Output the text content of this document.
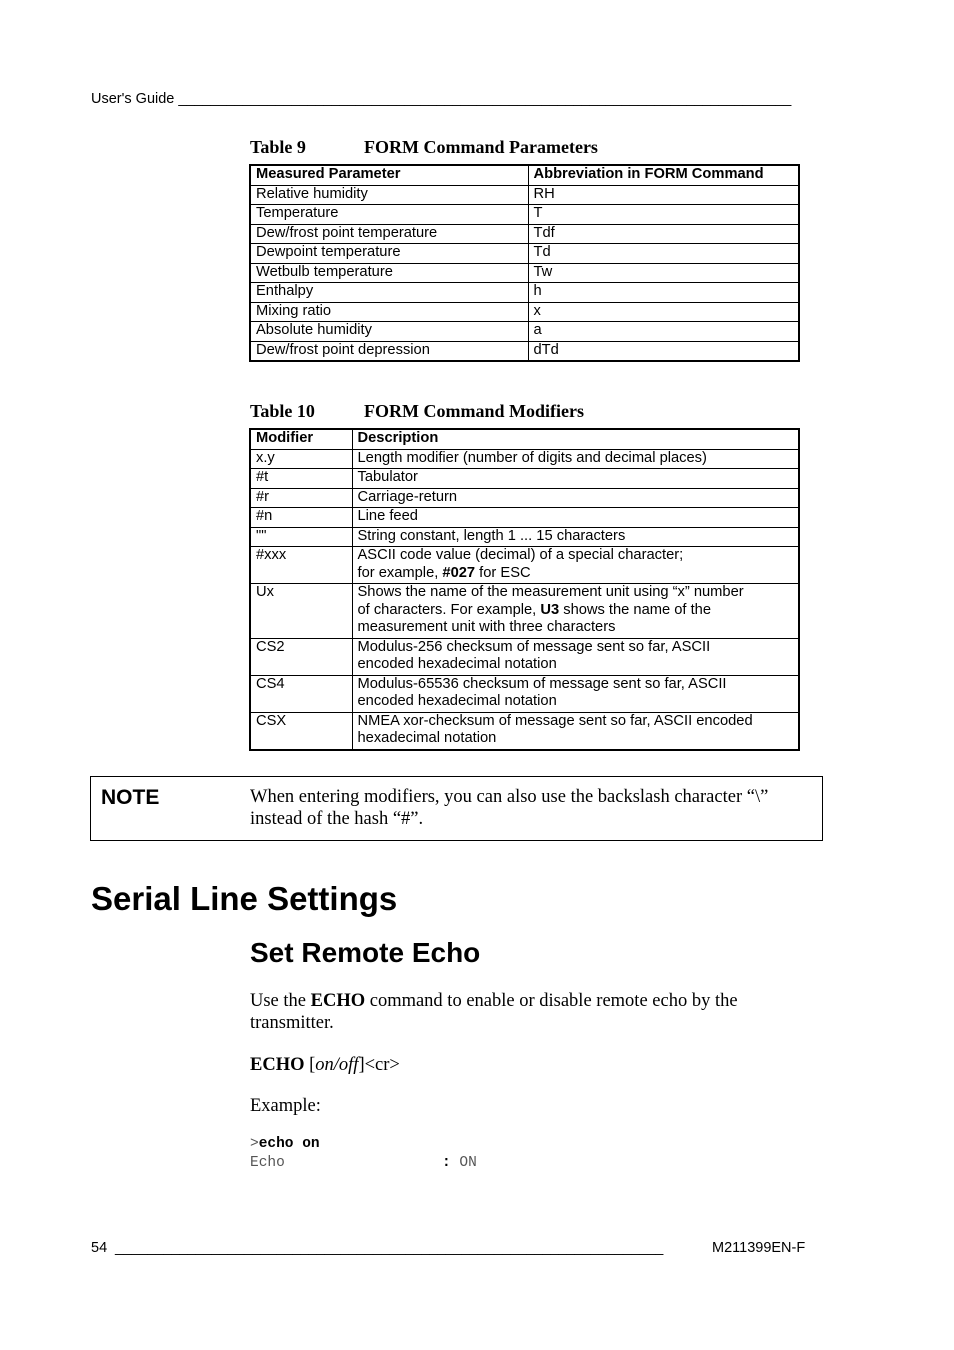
User's Guide ____________________________________________________________________________
Table 9	FORM Command Parameters
Measured Parameter	Abbreviation in FORM Command
Relative humidity	RH
Temperature	T
Dew/frost point temperature	Tdf
Dewpoint temperature	Td
Wetbulb temperature	Tw
Enthalpy	h
Mixing ratio	x
Absolute humidity	a
Dew/frost point depression	dTd
Table 10	FORM Command Modifiers
Modifier	Description
x.y	Length modifier (number of digits and decimal places)
#t	Tabulator
#r	Carriage-return
#n	Line feed
""	String constant, length 1 ... 15 characters
#xxx	ASCII code value (decimal) of a special character;
for example, #027 for ESC
Ux	Shows the name of the measurement unit using “x” number
of characters. For example, U3 shows the name of the
measurement unit with three characters
CS2	Modulus-256 checksum of message sent so far, ASCII
encoded hexadecimal notation
CS4	Modulus-65536 checksum of message sent so far, ASCII
encoded hexadecimal notation
CSX	NMEA xor-checksum of message sent so far, ASCII encoded
hexadecimal notation
NOTE	When entering modifiers, you can also use the backslash character “\”
instead of the hash “#”.
Serial Line Settings
Set Remote Echo
Use the ECHO command to enable or disable remote echo by the
transmitter.
ECHO [on/off]<cr>
Example:
>echo on
Echo	: ON
54 ____________________________________________________________________	M211399EN-F
